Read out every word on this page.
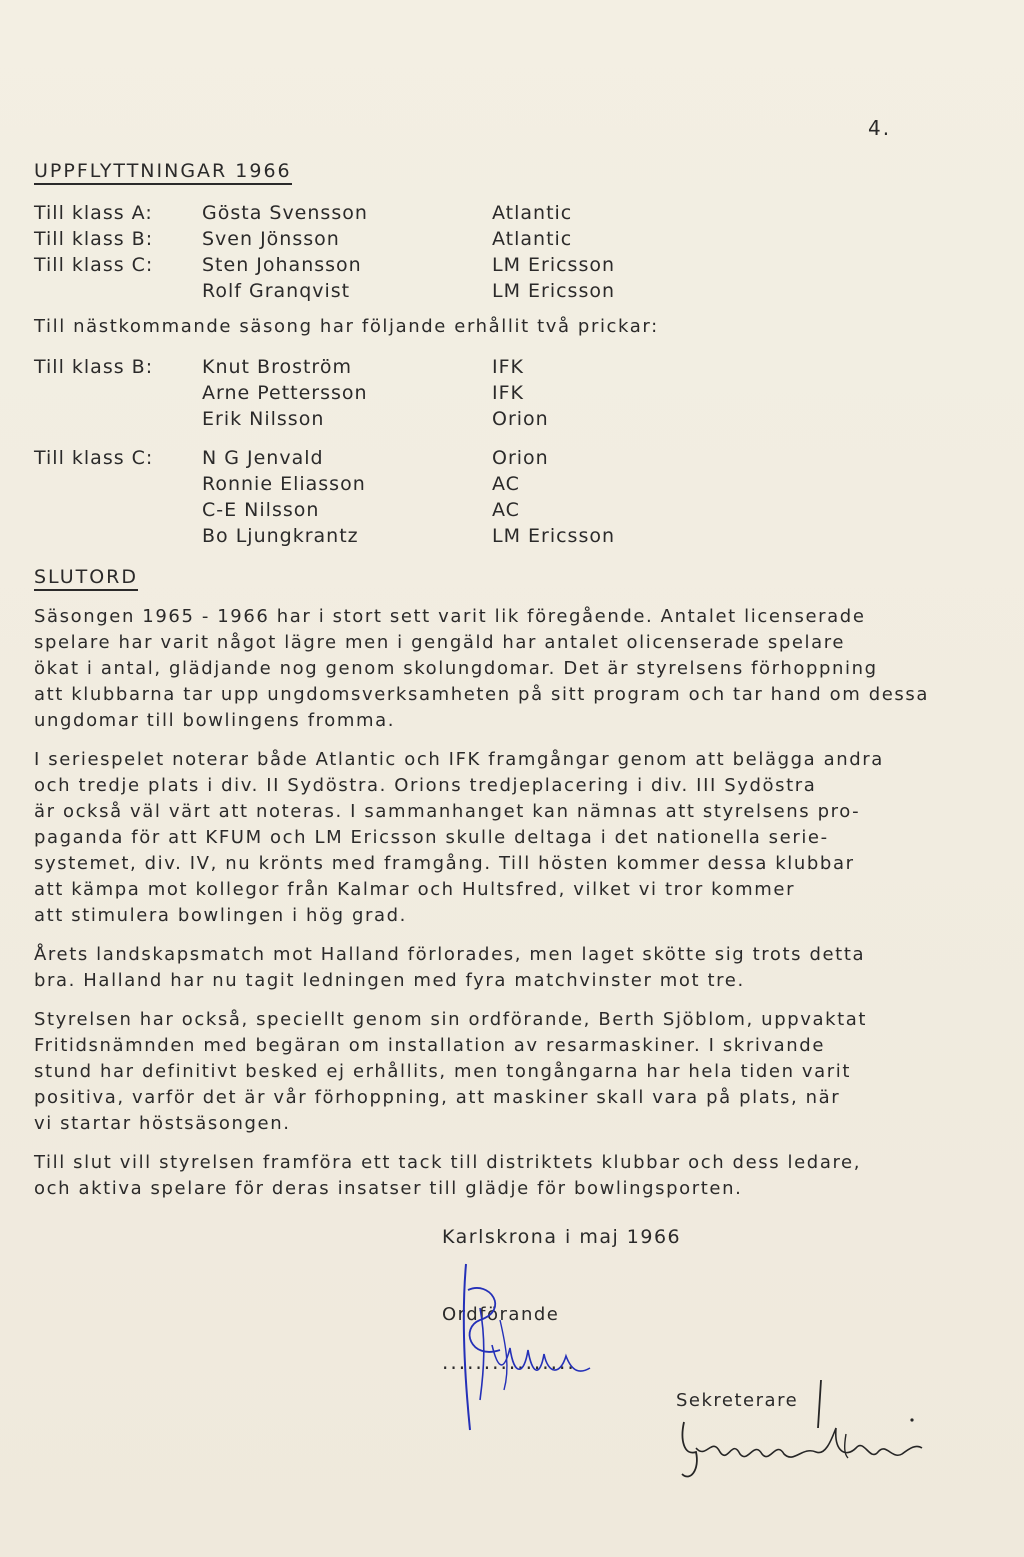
4.
UPPFLYTTNINGAR 1966
Till klass A:	Gösta Svensson	Atlantic
Till klass B:	Sven Jönsson	Atlantic
Till klass C:	Sten Johansson	LM Ericsson
Rolf Granqvist	LM Ericsson
Till nästkommande säsong har följande erhållit två prickar:
Till klass B:	Knut Broström	IFK
Arne Pettersson	IFK
Erik Nilsson	Orion
Till klass C:	N G Jenvald	Orion
Ronnie Eliasson	AC
C-E Nilsson	AC
Bo Ljungkrantz	LM Ericsson
SLUTORD
Säsongen 1965 - 1966 har i stort sett varit lik föregående. Antalet licenserade
spelare har varit något lägre men i gengäld har antalet olicenserade spelare
ökat i antal, glädjande nog genom skolungdomar. Det är styrelsens förhoppning
att klubbarna tar upp ungdomsverksamheten på sitt program och tar hand om dessa
ungdomar till bowlingens fromma.
I seriespelet noterar både Atlantic och IFK framgångar genom att belägga andra
och tredje plats i div. II Sydöstra. Orions tredjeplacering i div. III Sydöstra
är också väl värt att noteras. I sammanhanget kan nämnas att styrelsens pro-
paganda för att KFUM och LM Ericsson skulle deltaga i det nationella serie-
systemet, div. IV, nu krönts med framgång. Till hösten kommer dessa klubbar
att kämpa mot kollegor från Kalmar och Hultsfred, vilket vi tror kommer
att stimulera bowlingen i hög grad.
Årets landskapsmatch mot Halland förlorades, men laget skötte sig trots detta
bra. Halland har nu tagit ledningen med fyra matchvinster mot tre.
Styrelsen har också, speciellt genom sin ordförande, Berth Sjöblom, uppvaktat
Fritidsnämnden med begäran om installation av resarmaskiner. I skrivande
stund har definitivt besked ej erhållits, men tongångarna har hela tiden varit
positiva, varför det är vår förhoppning, att maskiner skall vara på plats, när
vi startar höstsäsongen.
Till slut vill styrelsen framföra ett tack till distriktets klubbar och dess ledare,
och aktiva spelare för deras insatser till glädje för bowlingsporten.
Karlskrona i maj 1966
Ordförande
................
Sekreterare
